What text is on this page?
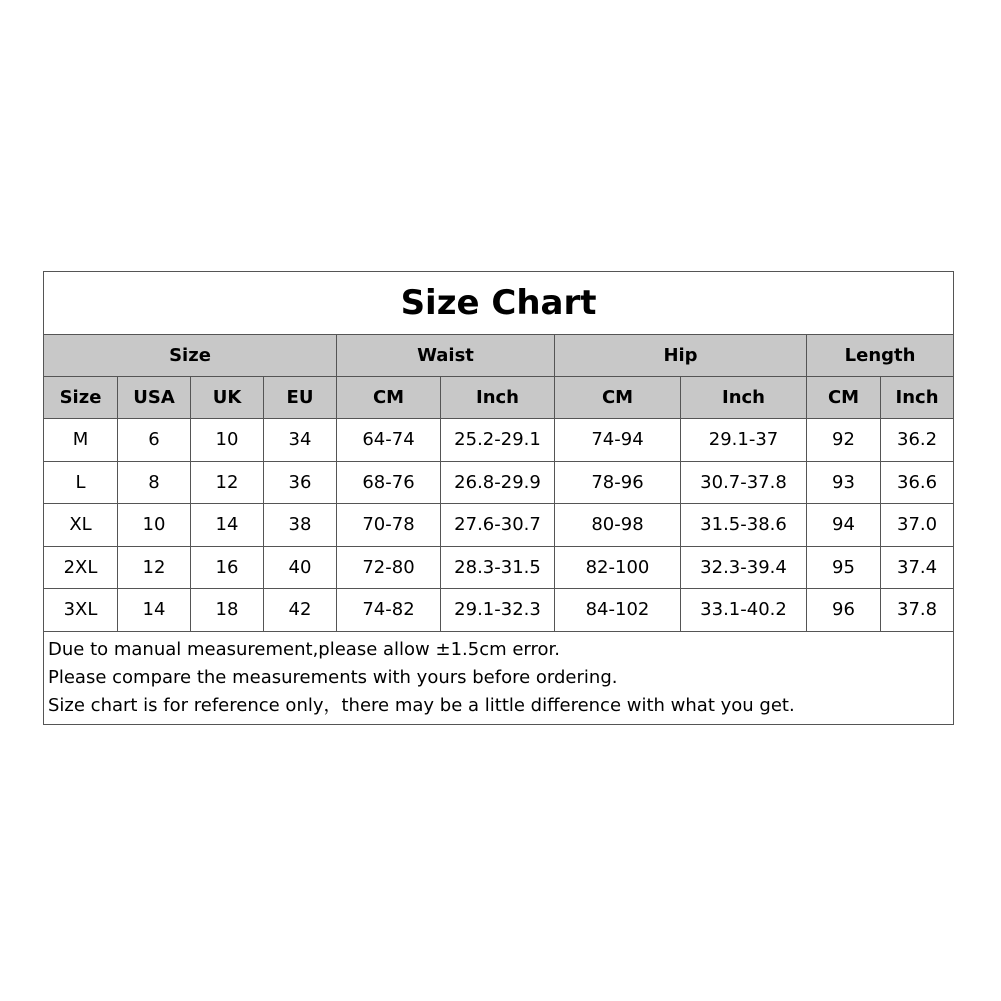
Size Chart									
Size				Waist		Hip		Length	
Size	USA	UK	EU	CM	Inch	CM	Inch	CM	Inch
M	6	10	34	64-74	25.2-29.1	74-94	29.1-37	92	36.2
L	8	12	36	68-76	26.8-29.9	78-96	30.7-37.8	93	36.6
XL	10	14	38	70-78	27.6-30.7	80-98	31.5-38.6	94	37.0
2XL	12	16	40	72-80	28.3-31.5	82-100	32.3-39.4	95	37.4
3XL	14	18	42	74-82	29.1-32.3	84-102	33.1-40.2	96	37.8

Due to manual measurement,please allow ±1.5cm error.
Please compare the measurements with yours before ordering.
Size chart is for reference only，there may be a little difference with what you get.									
